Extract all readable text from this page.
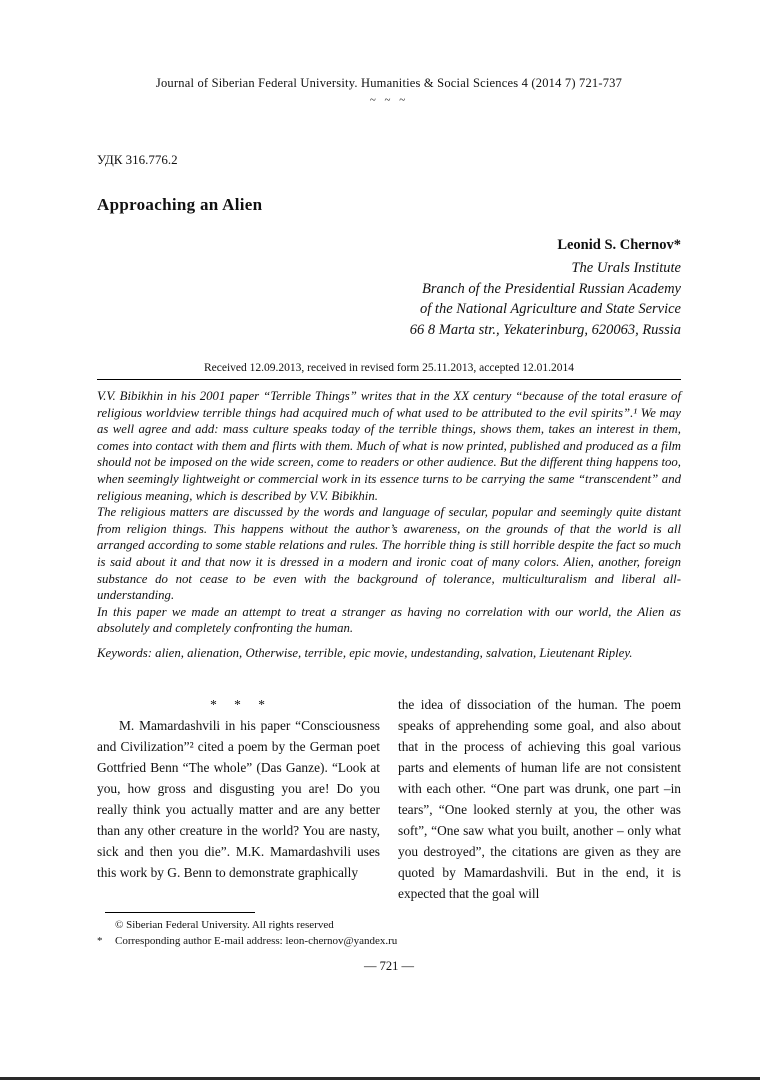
Journal of Siberian Federal University. Humanities & Social Sciences 4 (2014 7) 721-737
~ ~ ~
УДК 316.776.2
Approaching an Alien
Leonid S. Chernov*
The Urals Institute
Branch of the Presidential Russian Academy
of the National Agriculture and State Service
66 8 Marta str., Yekaterinburg, 620063, Russia
Received 12.09.2013, received in revised form 25.11.2013, accepted 12.01.2014

V.V. Bibikhin in his 2001 paper “Terrible Things” writes that in the XX century “because of the total erasure of religious worldview terrible things had acquired much of what used to be attributed to the evil spirits”.¹ We may as well agree and add: mass culture speaks today of the terrible things, shows them, takes an interest in them, comes into contact with them and flirts with them. Much of what is now printed, published and produced as a film should not be imposed on the wide screen, come to readers or other audience. But the different thing happens too, when seemingly lightweight or commercial work in its essence turns to be carrying the same “transcendent” and religious meaning, which is described by V.V. Bibikhin.

The religious matters are discussed by the words and language of secular, popular and seemingly quite distant from religion things. This happens without the author’s awareness, on the grounds of that the world is all arranged according to some stable relations and rules. The horrible thing is still horrible despite the fact so much is said about it and that now it is dressed in a modern and ironic coat of many colors. Alien, another, foreign substance do not cease to be even with the background of tolerance, multiculturalism and liberal all-understanding.

In this paper we made an attempt to treat a stranger as having no correlation with our world, the Alien as absolutely and completely confronting the human.

Keywords: alien, alienation, Otherwise, terrible, epic movie, undestanding, salvation, Lieutenant Ripley.

* * *

M. Mamardashvili in his paper “Consciousness and Civilization”² cited a poem by the German poet Gottfried Benn “The whole” (Das Ganze). “Look at you, how gross and disgusting you are! Do you really think you actually matter and are any better than any other creature in the world? You are nasty, sick and then you die”. M.K. Mamardashvili uses this work by G. Benn to demonstrate graphically

the idea of dissociation of the human. The poem speaks of apprehending some goal, and also about that in the process of achieving this goal various parts and elements of human life are not consistent with each other. “One part was drunk, one part –in tears”, “One looked sternly at you, the other was soft”, “One saw what you built, another – only what you destroyed”, the citations are given as they are quoted by Mamardashvili. But in the end, it is expected that the goal will

© Siberian Federal University. All rights reserved
*	Corresponding author E-mail address: leon-chernov@yandex.ru
— 721 —
